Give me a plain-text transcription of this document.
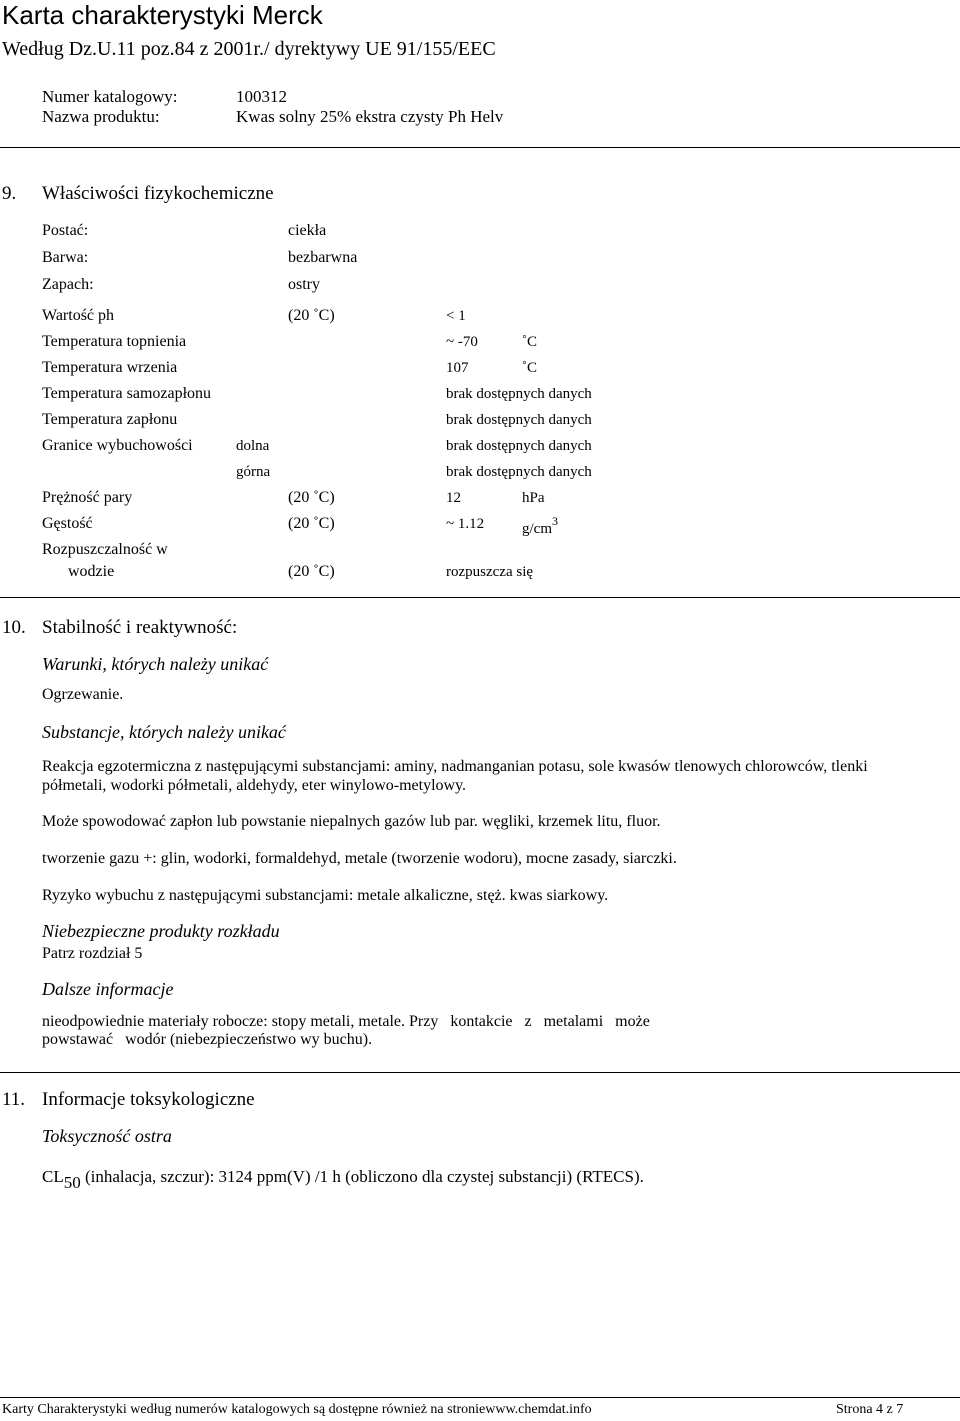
Karta charakterystyki Merck
Według Dz.U.11 poz.84 z 2001r./ dyrektywy UE 91/155/EEC
Numer katalogowy:	100312
Nazwa produktu:	Kwas solny 25% ekstra czysty Ph Helv
9. Właściwości fizykochemiczne
Postać:	ciekła
Barwa:	bezbarwna
Zapach:	ostry
Wartość ph	(20 ˚C)	< 1
Temperatura topnienia	~ -70	˚C
Temperatura wrzenia	107	˚C
Temperatura samozapłonu	brak dostępnych danych
Temperatura zapłonu	brak dostępnych danych
Granice wybuchowości	dolna	brak dostępnych danych
górna	brak dostępnych danych
Prężność pary	(20 ˚C)	12	hPa
Gęstość	(20 ˚C)	~ 1.12	$g/cm^3$
Rozpuszczalność w
wodzie	(20 ˚C)	rozpuszcza się
10. Stabilność i reaktywność:
Warunki, których należy unikać
Ogrzewanie.
Substancje, których należy unikać
Reakcja egzotermiczna z następującymi substancjami: aminy, nadmanganian potasu, sole kwasów tlenowych chlorowców, tlenki półmetali, wodorki półmetali, aldehydy, eter winylowo-metylowy.
Może spowodować zapłon lub powstanie niepalnych gazów lub par. węgliki, krzemek litu, fluor.
tworzenie gazu +: glin, wodorki, formaldehyd, metale (tworzenie wodoru), mocne zasady, siarczki.
Ryzyko wybuchu z następującymi substancjami: metale alkaliczne, stęż. kwas siarkowy.
Niebezpieczne produkty rozkładu
Patrz rozdział 5
Dalsze informacje
nieodpowiednie materiały robocze: stopy metali, metale. Przy   kontakcie   z   metalami   może
powstawać   wodór (niebezpieczeństwo wy buchu).
11. Informacje toksykologiczne
Toksyczność ostra
CL50 (inhalacja, szczur): 3124 ppm(V) /1 h (obliczono dla czystej substancji) (RTECS).
Karty Charakterystyki według numerów katalogowych są dostępne również na stroniewww.chemdat.info	Strona 4 z 7
